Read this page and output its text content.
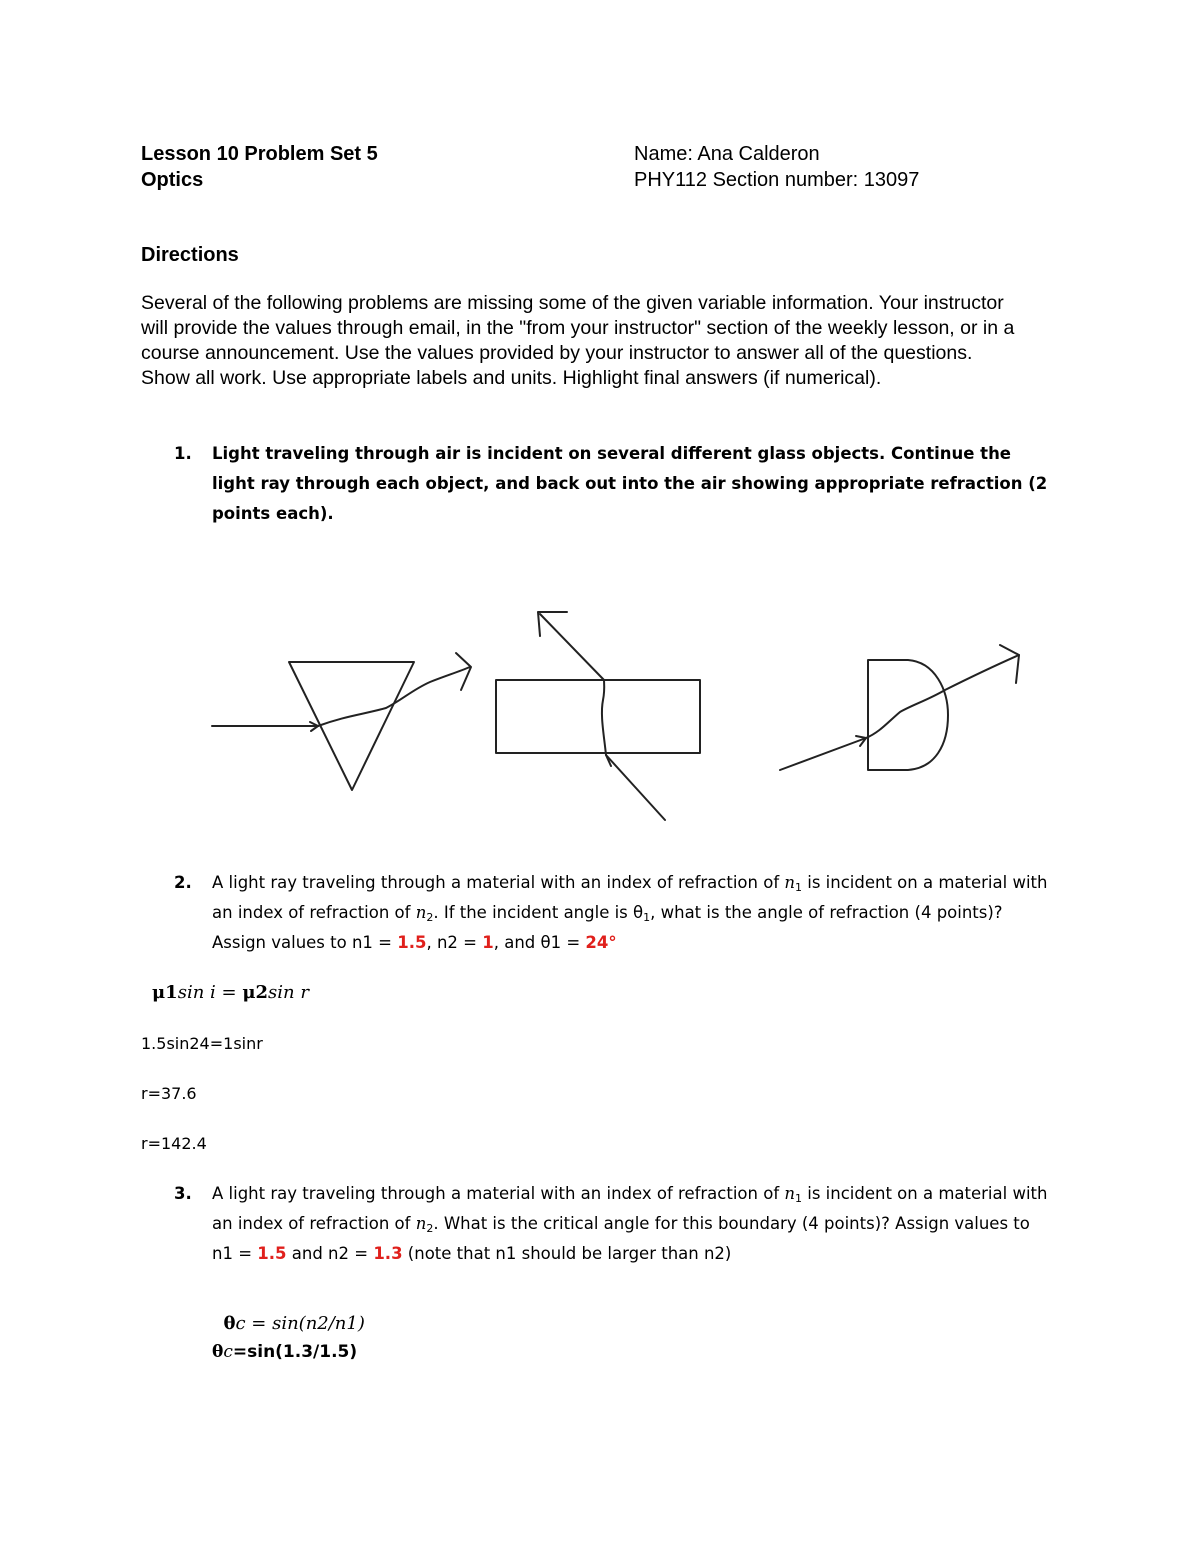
Lesson 10 Problem Set 5
Optics
Name: Ana Calderon
PHY112 Section number: 13097
Directions
Several of the following problems are missing some of the given variable information. Your instructor will provide the values through email, in the "from your instructor" section of the weekly lesson, or in a course announcement. Use the values provided by your instructor to answer all of the questions. Show all work. Use appropriate labels and units. Highlight final answers (if numerical).
1. Light traveling through air is incident on several different glass objects. Continue the light ray through each object, and back out into the air showing appropriate refraction (2 points each).
2. A light ray traveling through a material with an index of refraction of $n_1$ is incident on a material with an index of refraction of $n_2$. If the incident angle is $\theta_1$, what is the angle of refraction (4 points)? Assign values to n1 = 1.5, n2 = 1, and θ1 = 24°
μ1sin i = μ2sin r
1.5sin24=1sinr
r=37.6
r=142.4
3. A light ray traveling through a material with an index of refraction of $n_1$ is incident on a material with an index of refraction of $n_2$. What is the critical angle for this boundary (4 points)? Assign values to n1 = 1.5 and n2 = 1.3 (note that n1 should be larger than n2)

θc = sin(n2/n1)

θc=sin(1.3/1.5)
